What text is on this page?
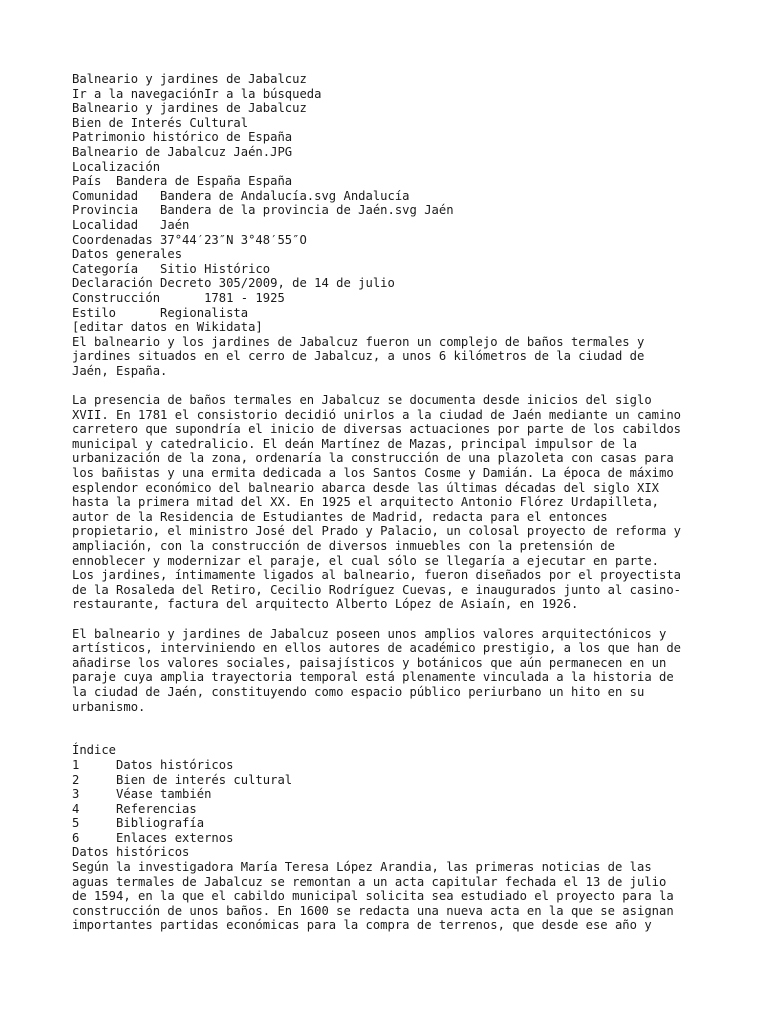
Balneario y jardines de Jabalcuz
Ir a la navegaciónIr a la búsqueda
Balneario y jardines de Jabalcuz
Bien de Interés Cultural
Patrimonio histórico de España
Balneario de Jabalcuz Jaén.JPG
Localización
País  Bandera de España España
Comunidad   Bandera de Andalucía.svg Andalucía
Provincia   Bandera de la provincia de Jaén.svg Jaén
Localidad   Jaén
Coordenadas 37°44′23″N 3°48′55″O
Datos generales
Categoría   Sitio Histórico
Declaración Decreto 305/2009, de 14 de julio
Construcción      1781 - 1925
Estilo      Regionalista
[editar datos en Wikidata]
El balneario y los jardines de Jabalcuz fueron un complejo de baños termales y
jardines situados en el cerro de Jabalcuz, a unos 6 kilómetros de la ciudad de
Jaén, España.
La presencia de baños termales en Jabalcuz se documenta desde inicios del siglo
XVII. En 1781 el consistorio decidió unirlos a la ciudad de Jaén mediante un camino
carretero que supondría el inicio de diversas actuaciones por parte de los cabildos
municipal y catedralicio. El deán Martínez de Mazas, principal impulsor de la
urbanización de la zona, ordenaría la construcción de una plazoleta con casas para
los bañistas y una ermita dedicada a los Santos Cosme y Damián. La época de máximo
esplendor económico del balneario abarca desde las últimas décadas del siglo XIX
hasta la primera mitad del XX. En 1925 el arquitecto Antonio Flórez Urdapilleta,
autor de la Residencia de Estudiantes de Madrid, redacta para el entonces
propietario, el ministro José del Prado y Palacio, un colosal proyecto de reforma y
ampliación, con la construcción de diversos inmuebles con la pretensión de
ennoblecer y modernizar el paraje, el cual sólo se llegaría a ejecutar en parte.
Los jardines, íntimamente ligados al balneario, fueron diseñados por el proyectista
de la Rosaleda del Retiro, Cecilio Rodríguez Cuevas, e inaugurados junto al casino-
restaurante, factura del arquitecto Alberto López de Asiaín, en 1926.
El balneario y jardines de Jabalcuz poseen unos amplios valores arquitectónicos y
artísticos, interviniendo en ellos autores de académico prestigio, a los que han de
añadirse los valores sociales, paisajísticos y botánicos que aún permanecen en un
paraje cuya amplia trayectoria temporal está plenamente vinculada a la historia de
la ciudad de Jaén, constituyendo como espacio público periurbano un hito en su
urbanismo.
Índice
1     Datos históricos
2     Bien de interés cultural
3     Véase también
4     Referencias
5     Bibliografía
6     Enlaces externos
Datos históricos
Según la investigadora María Teresa López Arandia, las primeras noticias de las
aguas termales de Jabalcuz se remontan a un acta capitular fechada el 13 de julio
de 1594, en la que el cabildo municipal solicita sea estudiado el proyecto para la
construcción de unos baños. En 1600 se redacta una nueva acta en la que se asignan
importantes partidas económicas para la compra de terrenos, que desde ese año y
